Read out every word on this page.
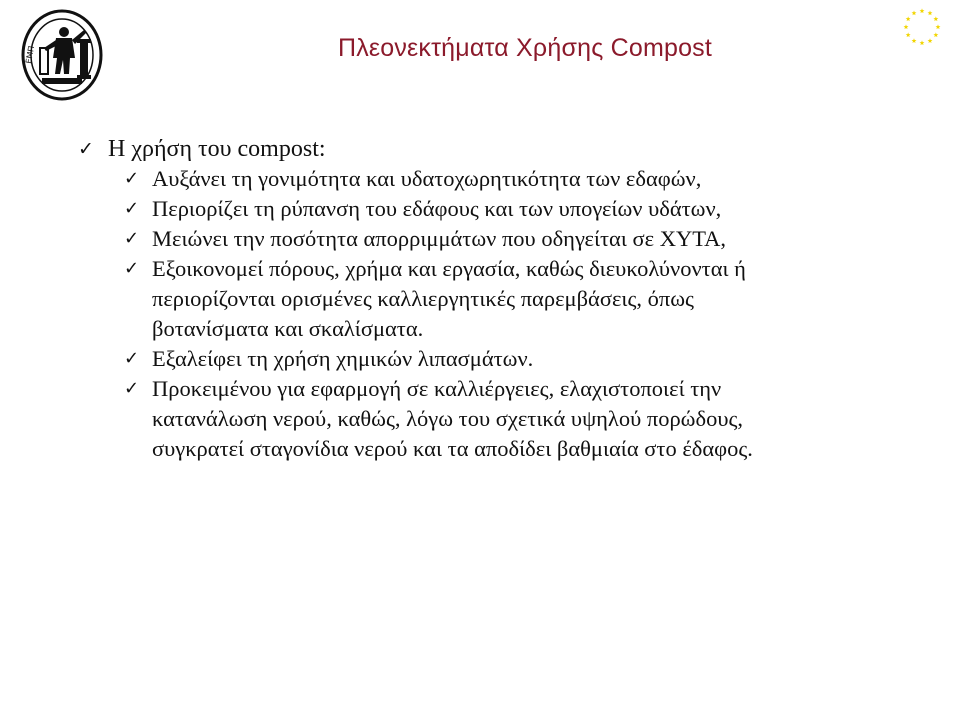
ΕΜΠ	Πλεονεκτήματα Χρήσης Compost
✓ Η χρήση του compost:
✓ Αυξάνει τη γονιμότητα και υδατοχωρητικότητα των εδαφών,
✓ Περιορίζει τη ρύπανση του εδάφους και των υπογείων υδάτων,
✓ Μειώνει την ποσότητα απορριμμάτων που οδηγείται σε ΧΥΤΑ,
✓ Εξοικονομεί πόρους, χρήμα και εργασία, καθώς διευκολύνονται ή
περιορίζονται ορισμένες καλλιεργητικές παρεμβάσεις, όπως
βοτανίσματα και σκαλίσματα.
✓ Εξαλείφει τη χρήση χημικών λιπασμάτων.
✓ Προκειμένου για εφαρμογή σε καλλιέργειες, ελαχιστοποιεί την
κατανάλωση νερού, καθώς, λόγω του σχετικά υψηλού πορώδους,
συγκρατεί σταγονίδια νερού και τα αποδίδει βαθμιαία στο έδαφος.
